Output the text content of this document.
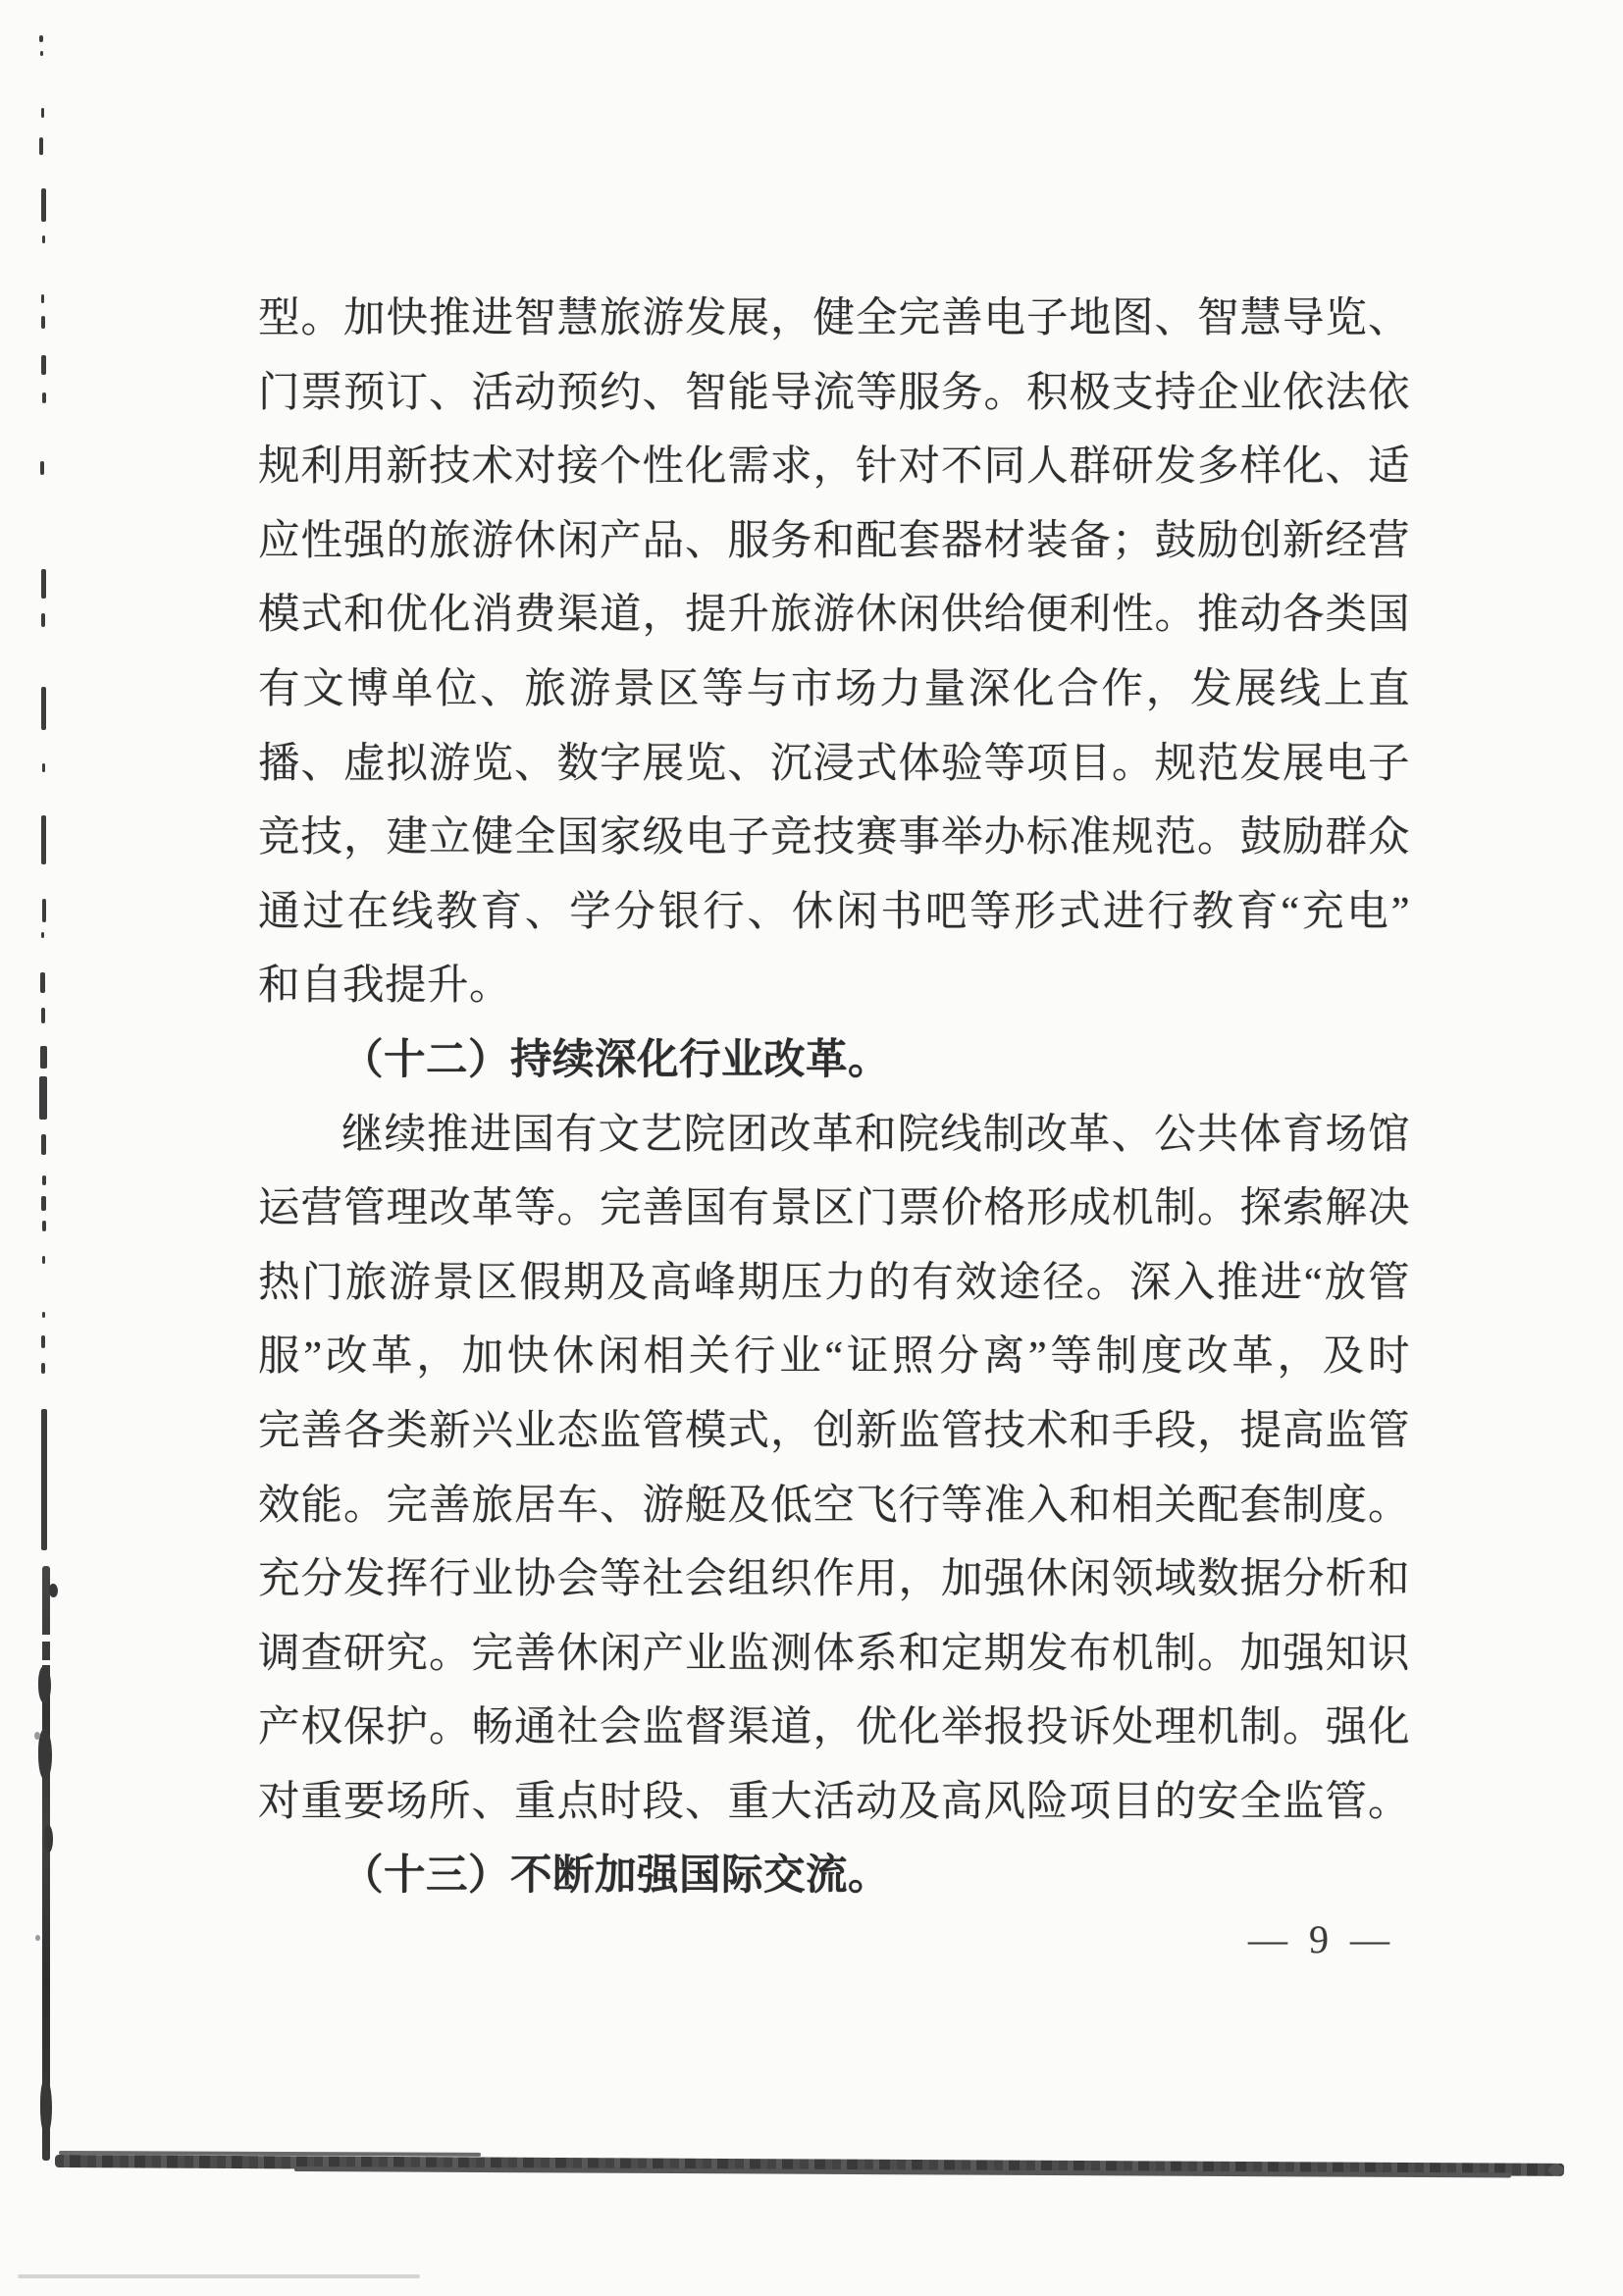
型。加快推进智慧旅游发展，健全完善电子地图、智慧导览、
门票预订、活动预约、智能导流等服务。积极支持企业依法依
规利用新技术对接个性化需求，针对不同人群研发多样化、适
应性强的旅游休闲产品、服务和配套器材装备；鼓励创新经营
模式和优化消费渠道，提升旅游休闲供给便利性。推动各类国
有文博单位、旅游景区等与市场力量深化合作，发展线上直
播、虚拟游览、数字展览、沉浸式体验等项目。规范发展电子
竞技，建立健全国家级电子竞技赛事举办标准规范。鼓励群众
通过在线教育、学分银行、休闲书吧等形式进行教育“充电”
和自我提升。
（十二）持续深化行业改革。
继续推进国有文艺院团改革和院线制改革、公共体育场馆
运营管理改革等。完善国有景区门票价格形成机制。探索解决
热门旅游景区假期及高峰期压力的有效途径。深入推进“放管
服”改革，加快休闲相关行业“证照分离”等制度改革，及时
完善各类新兴业态监管模式，创新监管技术和手段，提高监管
效能。完善旅居车、游艇及低空飞行等准入和相关配套制度。
充分发挥行业协会等社会组织作用，加强休闲领域数据分析和
调查研究。完善休闲产业监测体系和定期发布机制。加强知识
产权保护。畅通社会监督渠道，优化举报投诉处理机制。强化
对重要场所、重点时段、重大活动及高风险项目的安全监管。
（十三）不断加强国际交流。
— 9 —
